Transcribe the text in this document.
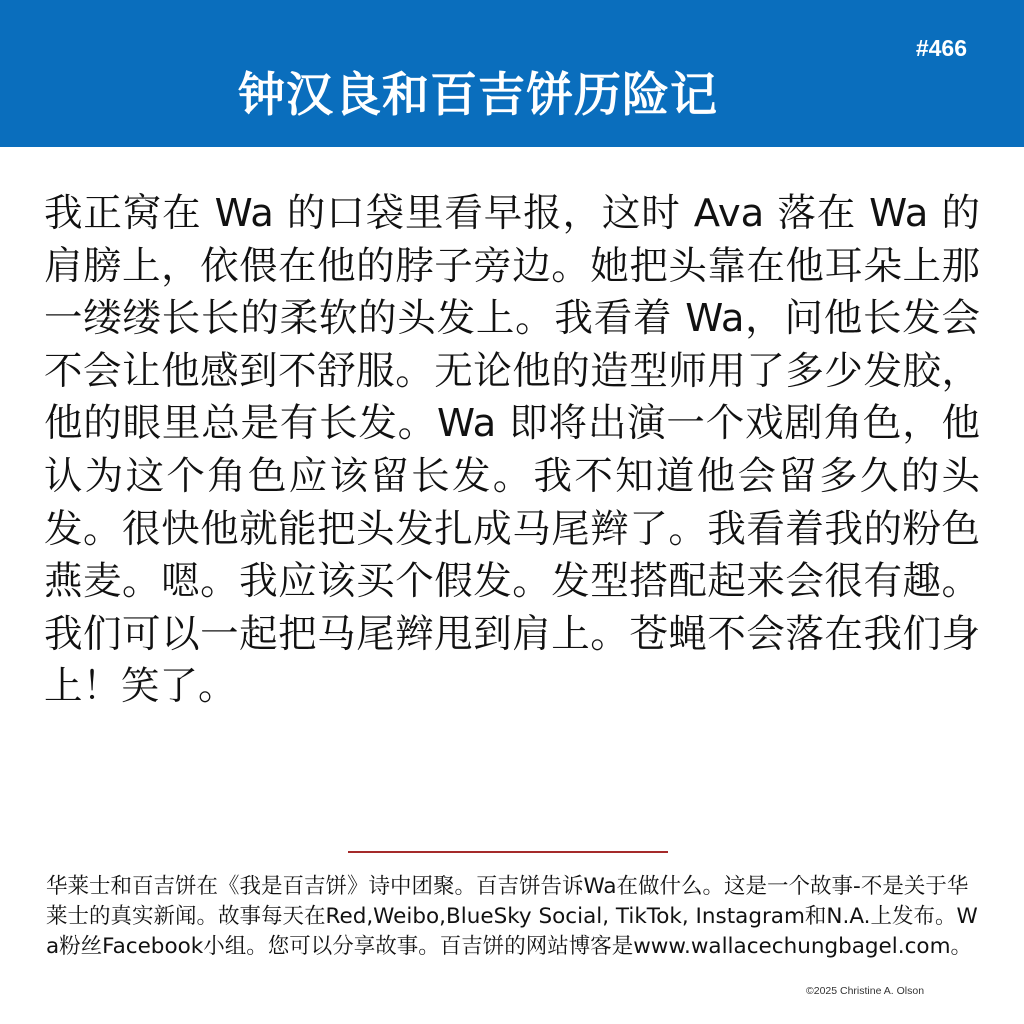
#466
钟汉良和百吉饼历险记

我正窝在 Wa 的口袋里看早报，这时 Ava 落在 Wa 的肩膀上，依偎在他的脖子旁边。她把头靠在他耳朵上那一缕缕长长的柔软的头发上。我看着 Wa，问他长发会不会让他感到不舒服。无论他的造型师用了多少发胶，他的眼里总是有长发。Wa 即将出演一个戏剧角色，他认为这个角色应该留长发。我不知道他会留多久的头发。很快他就能把头发扎成马尾辫了。我看着我的粉色燕麦。嗯。我应该买个假发。发型搭配起来会很有趣。我们可以一起把马尾辫甩到肩上。苍蝇不会落在我们身上！笑了。

华莱士和百吉饼在《我是百吉饼》诗中团聚。百吉饼告诉Wa在做什么。这是一个故事-不是关于华莱士的真实新闻。故事每天在Red,Weibo,BlueSky Social, TikTok, Instagram和N.A.上发布。Wa粉丝Facebook小组。您可以分享故事。百吉饼的网站博客是www.wallacechungbagel.com。

©2025 Christine A. Olson
